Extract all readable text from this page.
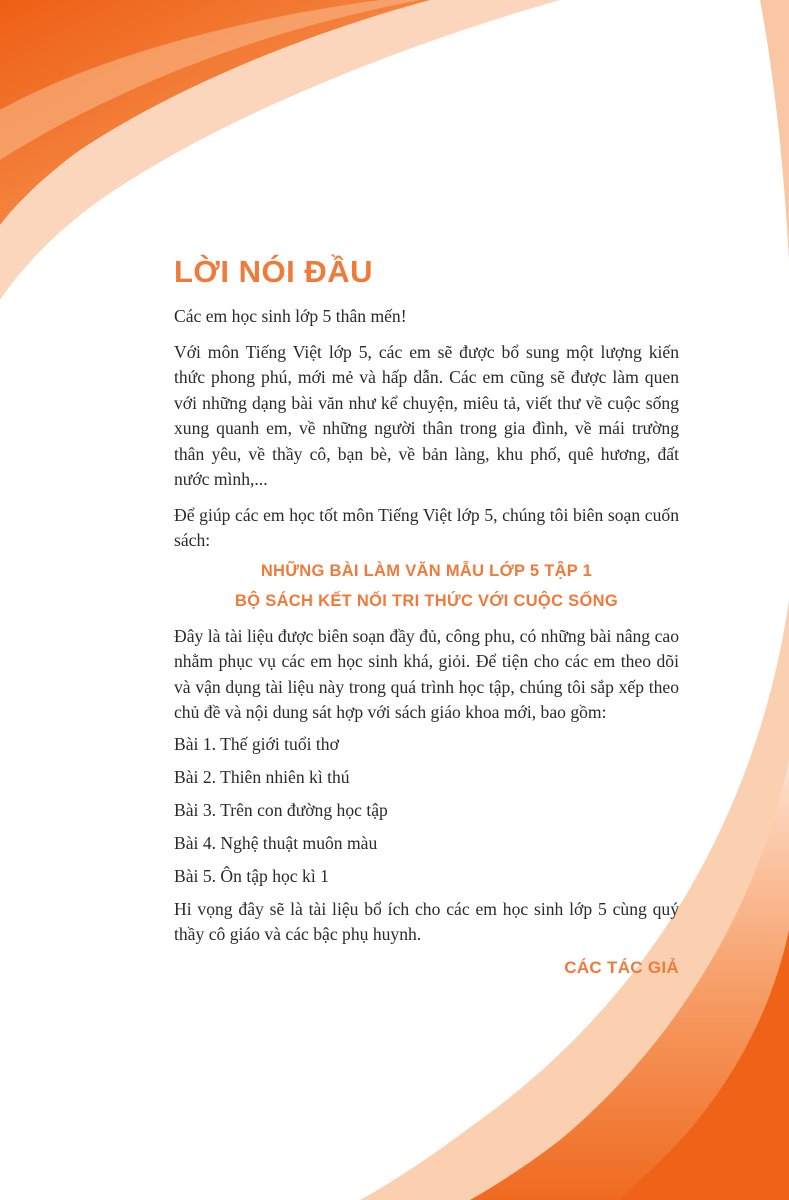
LỜI NÓI ĐẦU

Các em học sinh lớp 5 thân mến!

Với môn Tiếng Việt lớp 5, các em sẽ được bổ sung một lượng kiến thức phong phú, mới mẻ và hấp dẫn. Các em cũng sẽ được làm quen với những dạng bài văn như kể chuyện, miêu tả, viết thư về cuộc sống xung quanh em, về những người thân trong gia đình, về mái trường thân yêu, về thầy cô, bạn bè, về bản làng, khu phố, quê hương, đất nước mình,...

Để giúp các em học tốt môn Tiếng Việt lớp 5, chúng tôi biên soạn cuốn sách:

NHỮNG BÀI LÀM VĂN MẪU LỚP 5 TẬP 1
BỘ SÁCH KẾT NỐI TRI THỨC VỚI CUỘC SỐNG

Đây là tài liệu được biên soạn đầy đủ, công phu, có những bài nâng cao nhằm phục vụ các em học sinh khá, giỏi. Để tiện cho các em theo dõi và vận dụng tài liệu này trong quá trình học tập, chúng tôi sắp xếp theo chủ đề và nội dung sát hợp với sách giáo khoa mới, bao gồm:

Bài 1. Thế giới tuổi thơ
Bài 2. Thiên nhiên kì thú
Bài 3. Trên con đường học tập
Bài 4. Nghệ thuật muôn màu
Bài 5. Ôn tập học kì 1

Hi vọng đây sẽ là tài liệu bổ ích cho các em học sinh lớp 5 cùng quý thầy cô giáo và các bậc phụ huynh.

CÁC TÁC GIẢ
